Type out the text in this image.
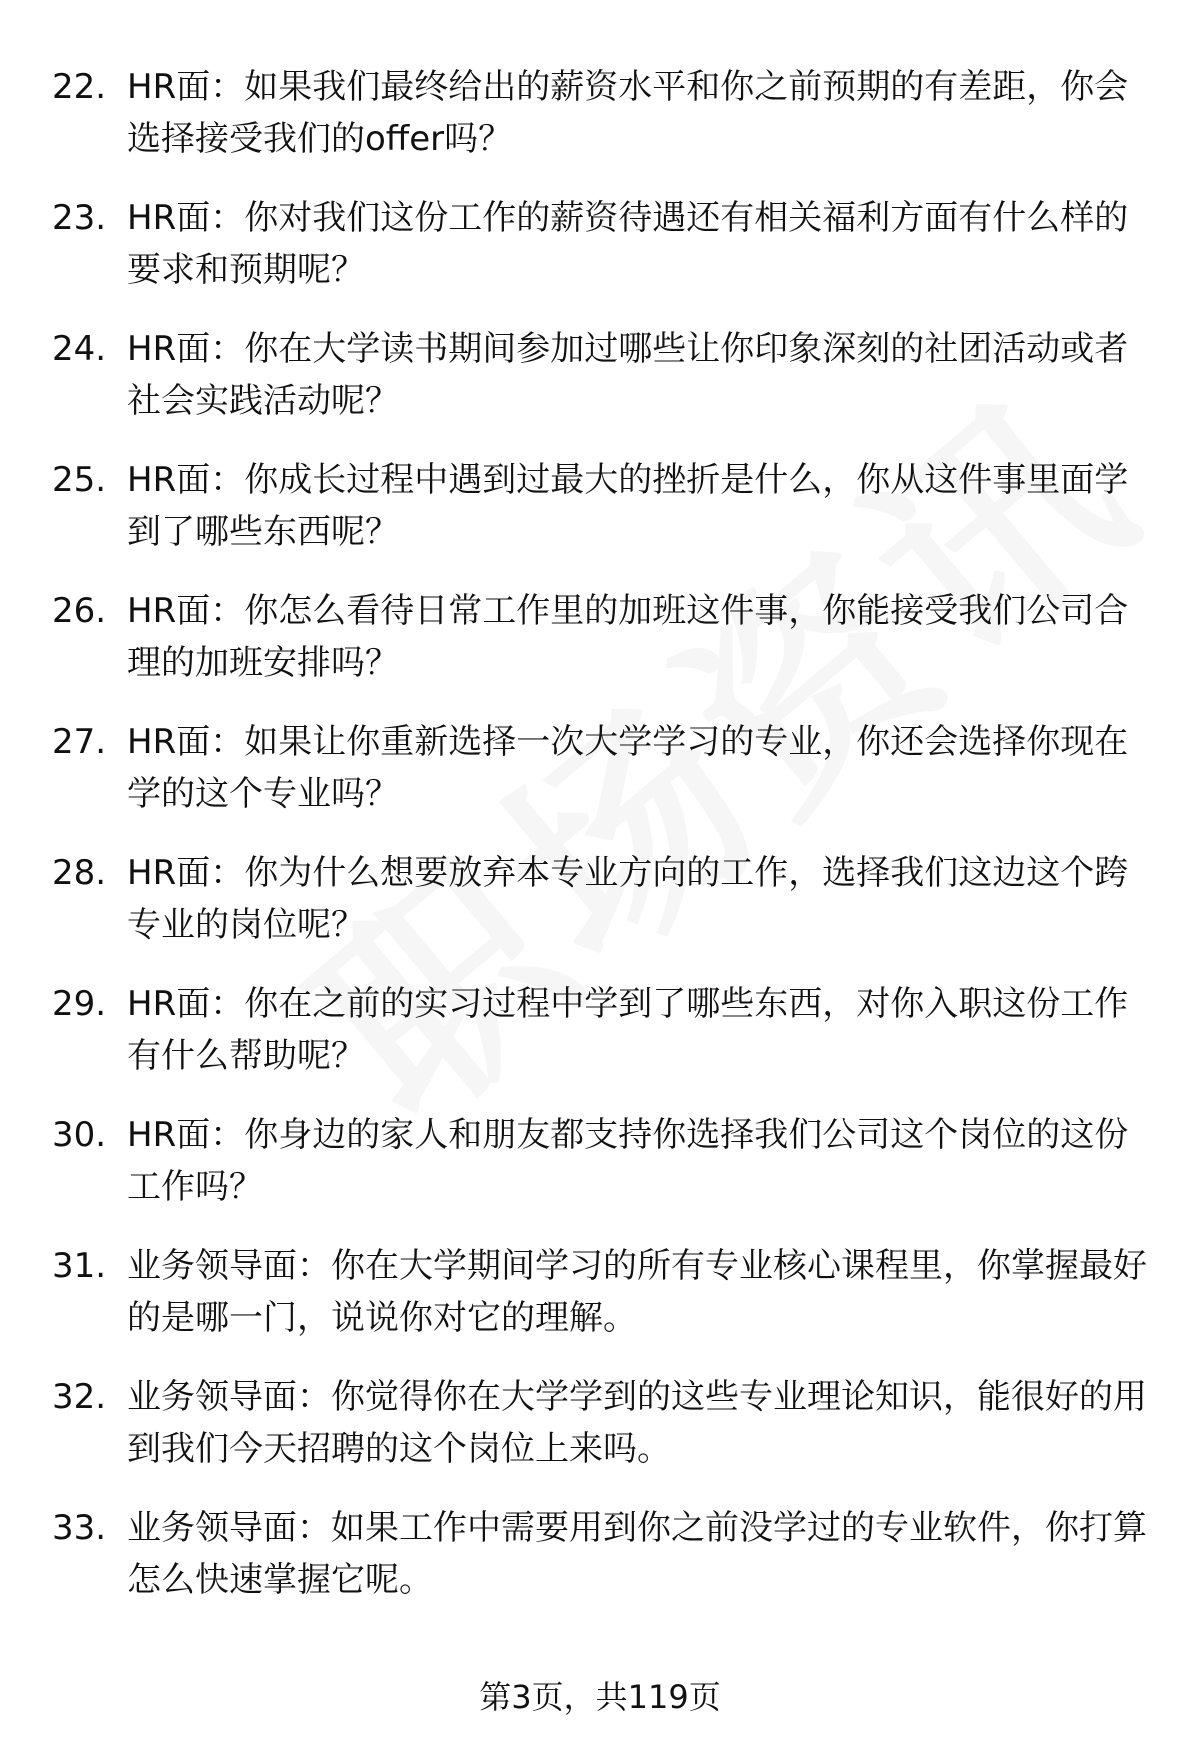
22. HR面：如果我们最终给出的薪资水平和你之前预期的有差距，你会选择接受我们的offer吗？
23. HR面：你对我们这份工作的薪资待遇还有相关福利方面有什么样的要求和预期呢？
24. HR面：你在大学读书期间参加过哪些让你印象深刻的社团活动或者社会实践活动呢？
25. HR面：你成长过程中遇到过最大的挫折是什么，你从这件事里面学到了哪些东西呢？
26. HR面：你怎么看待日常工作里的加班这件事，你能接受我们公司合理的加班安排吗？
27. HR面：如果让你重新选择一次大学学习的专业，你还会选择你现在学的这个专业吗？
28. HR面：你为什么想要放弃本专业方向的工作，选择我们这边这个跨专业的岗位呢？
29. HR面：你在之前的实习过程中学到了哪些东西，对你入职这份工作有什么帮助呢？
30. HR面：你身边的家人和朋友都支持你选择我们公司这个岗位的这份工作吗？
31. 业务领导面：你在大学期间学习的所有专业核心课程里，你掌握最好的是哪一门，说说你对它的理解。
32. 业务领导面：你觉得你在大学学到的这些专业理论知识，能很好的用到我们今天招聘的这个岗位上来吗。
33. 业务领导面：如果工作中需要用到你之前没学过的专业软件，你打算怎么快速掌握它呢。
第3页，共119页
